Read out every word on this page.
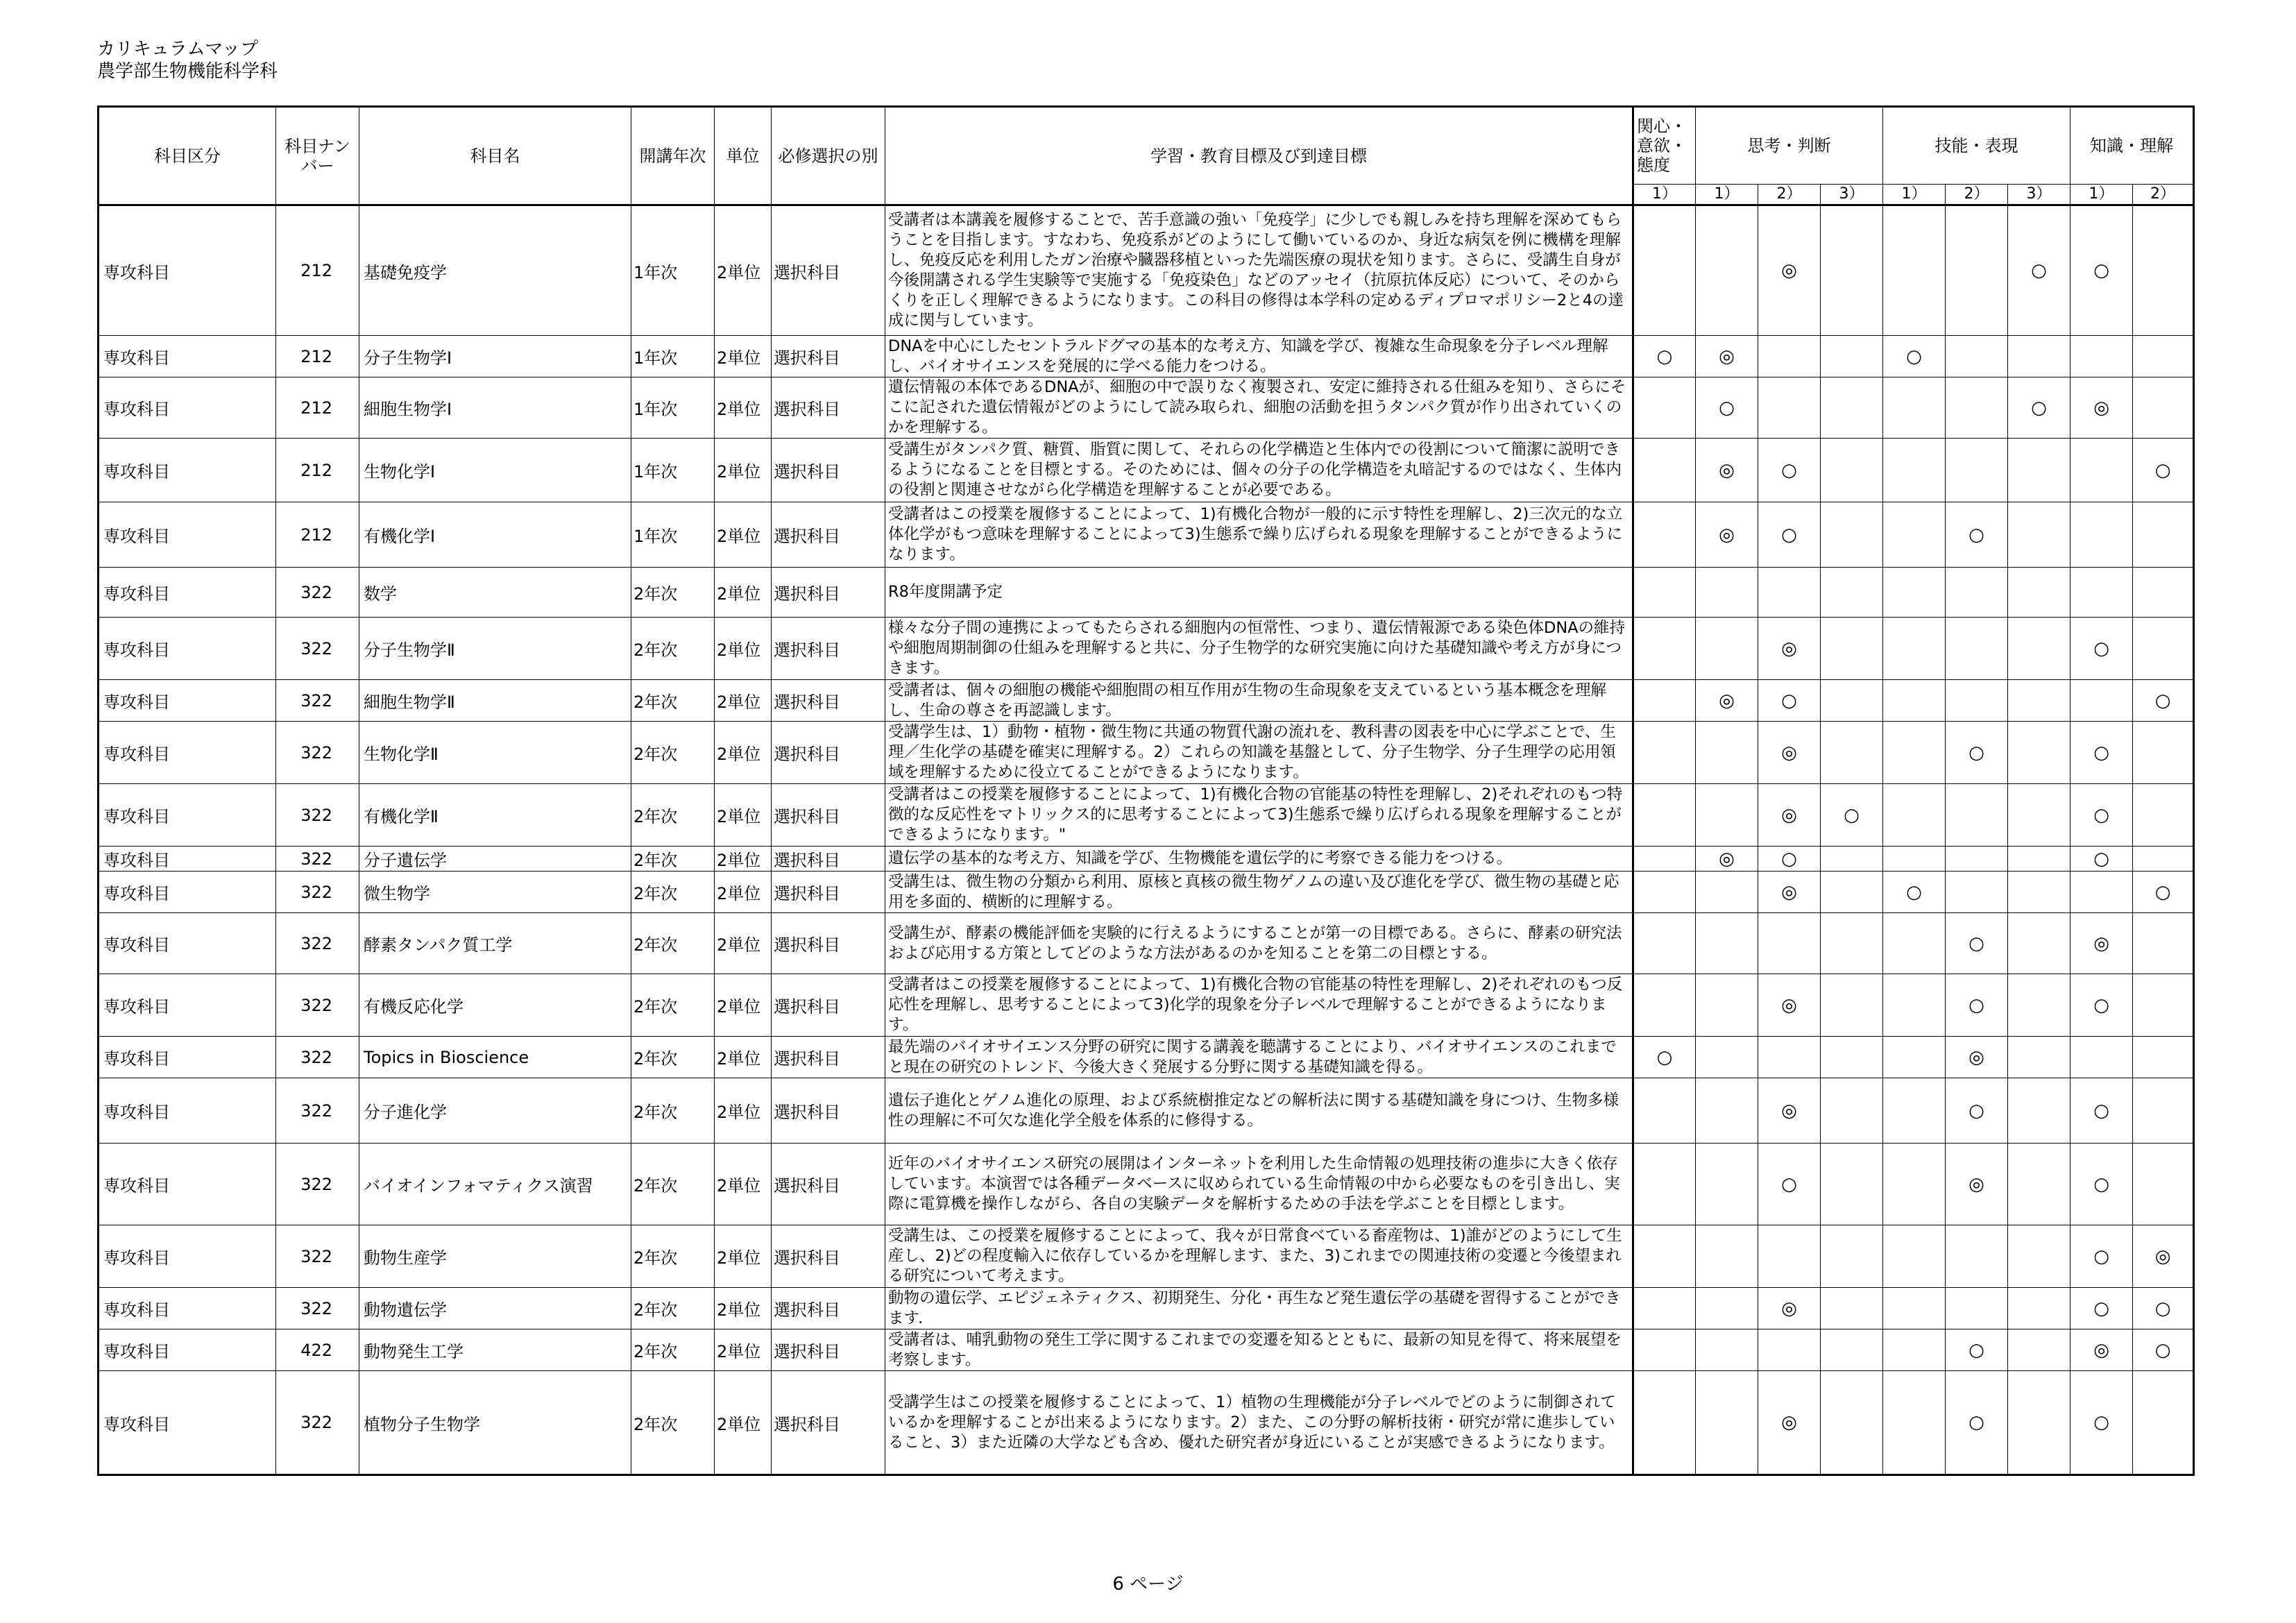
カリキュラムマップ
農学部生物機能科学科
科目区分	科目ナンバー	科目名	開講年次	単位	必修選択の別	学習・教育目標及び到達目標	関心・意欲・態度	思考・判断			技能・表現			知識・理解	
							1）	1）	2）	3）	1）	2）	3）	1）	2）
専攻科目	212	基礎免疫学	1年次	2単位	選択科目	受講者は本講義を履修することで、苦手意識の強い「免疫学」に少しでも親しみを持ち理解を深めてもらうことを目指します。すなわち、免疫系がどのようにして働いているのか、身近な病気を例に機構を理解し、免疫反応を利用したガン治療や臓器移植といった先端医療の現状を知ります。さらに、受講生自身が今後開講される学生実験等で実施する「免疫染色」などのアッセイ（抗原抗体反応）について、そのからくりを正しく理解できるようになります。この科目の修得は本学科の定めるディプロマポリシー2と4の達成に関与しています。			◎				○	○	
専攻科目	212	分子生物学Ⅰ	1年次	2単位	選択科目	DNAを中心にしたセントラルドグマの基本的な考え方、知識を学び、複雑な生命現象を分子レベル理解し、バイオサイエンスを発展的に学べる能力をつける。	○	◎			○				
専攻科目	212	細胞生物学Ⅰ	1年次	2単位	選択科目	遺伝情報の本体であるDNAが、細胞の中で誤りなく複製され、安定に維持される仕組みを知り、さらにそこに記された遺伝情報がどのようにして読み取られ、細胞の活動を担うタンパク質が作り出されていくのかを理解する。		○					○	◎	
専攻科目	212	生物化学Ⅰ	1年次	2単位	選択科目	受講生がタンパク質、糖質、脂質に関して、それらの化学構造と生体内での役割について簡潔に説明できるようになることを目標とする。そのためには、個々の分子の化学構造を丸暗記するのではなく、生体内の役割と関連させながら化学構造を理解することが必要である。		◎	○						○
専攻科目	212	有機化学Ⅰ	1年次	2単位	選択科目	受講者はこの授業を履修することによって、1)有機化合物が一般的に示す特性を理解し、2)三次元的な立体化学がもつ意味を理解することによって3)生態系で繰り広げられる現象を理解することができるようになります。		◎	○			○			
専攻科目	322	数学	2年次	2単位	選択科目	R8年度開講予定									
専攻科目	322	分子生物学Ⅱ	2年次	2単位	選択科目	様々な分子間の連携によってもたらされる細胞内の恒常性、つまり、遺伝情報源である染色体DNAの維持や細胞周期制御の仕組みを理解すると共に、分子生物学的な研究実施に向けた基礎知識や考え方が身につきます。			◎					○	
専攻科目	322	細胞生物学Ⅱ	2年次	2単位	選択科目	受講者は、個々の細胞の機能や細胞間の相互作用が生物の生命現象を支えているという基本概念を理解し、生命の尊さを再認識します。		◎	○						○
専攻科目	322	生物化学Ⅱ	2年次	2単位	選択科目	受講学生は、1）動物・植物・微生物に共通の物質代謝の流れを、教科書の図表を中心に学ぶことで、生理／生化学の基礎を確実に理解する。2）これらの知識を基盤として、分子生物学、分子生理学の応用領域を理解するために役立てることができるようになります。			◎			○		○	
専攻科目	322	有機化学Ⅱ	2年次	2単位	選択科目	受講者はこの授業を履修することによって、1)有機化合物の官能基の特性を理解し、2)それぞれのもつ特徴的な反応性をマトリックス的に思考することによって3)生態系で繰り広げられる現象を理解することができるようになります。"			◎	○				○	
専攻科目	322	分子遺伝学	2年次	2単位	選択科目	遺伝学の基本的な考え方、知識を学び、生物機能を遺伝学的に考察できる能力をつける。		◎	○					○	
専攻科目	322	微生物学	2年次	2単位	選択科目	受講生は、微生物の分類から利用、原核と真核の微生物ゲノムの違い及び進化を学び、微生物の基礎と応用を多面的、横断的に理解する。			◎		○				○
専攻科目	322	酵素タンパク質工学	2年次	2単位	選択科目	受講生が、酵素の機能評価を実験的に行えるようにすることが第一の目標である。さらに、酵素の研究法および応用する方策としてどのような方法があるのかを知ることを第二の目標とする。						○		◎	
専攻科目	322	有機反応化学	2年次	2単位	選択科目	受講者はこの授業を履修することによって、1)有機化合物の官能基の特性を理解し、2)それぞれのもつ反応性を理解し、思考することによって3)化学的現象を分子レベルで理解することができるようになります。			◎			○		○	
専攻科目	322	Topics in Bioscience	2年次	2単位	選択科目	最先端のバイオサイエンス分野の研究に関する講義を聴講することにより、バイオサイエンスのこれまでと現在の研究のトレンド、今後大きく発展する分野に関する基礎知識を得る。	○					◎			
専攻科目	322	分子進化学	2年次	2単位	選択科目	遺伝子進化とゲノム進化の原理、および系統樹推定などの解析法に関する基礎知識を身につけ、生物多様性の理解に不可欠な進化学全般を体系的に修得する。			◎			○		○	
専攻科目	322	バイオインフォマティクス演習	2年次	2単位	選択科目	近年のバイオサイエンス研究の展開はインターネットを利用した生命情報の処理技術の進歩に大きく依存しています。本演習では各種データベースに収められている生命情報の中から必要なものを引き出し、実際に電算機を操作しながら、各自の実験データを解析するための手法を学ぶことを目標とします。			○			◎		○	
専攻科目	322	動物生産学	2年次	2単位	選択科目	受講生は、この授業を履修することによって、我々が日常食べている畜産物は、1)誰がどのようにして生産し、2)どの程度輸入に依存しているかを理解します、また、3)これまでの関連技術の変遷と今後望まれる研究について考えます。								○	◎
専攻科目	322	動物遺伝学	2年次	2単位	選択科目	動物の遺伝学、エピジェネティクス、初期発生、分化・再生など発生遺伝学の基礎を習得することができます．			◎					○	○
専攻科目	422	動物発生工学	2年次	2単位	選択科目	受講者は、哺乳動物の発生工学に関するこれまでの変遷を知るとともに、最新の知見を得て、将来展望を考察します。						○		◎	○
専攻科目	322	植物分子生物学	2年次	2単位	選択科目	受講学生はこの授業を履修することによって、1）植物の生理機能が分子レベルでどのように制御されているかを理解することが出来るようになります。2）また、この分野の解析技術・研究が常に進歩していること、3）また近隣の大学なども含め、優れた研究者が身近にいることが実感できるようになります。			◎			○		○	
6 ページ
